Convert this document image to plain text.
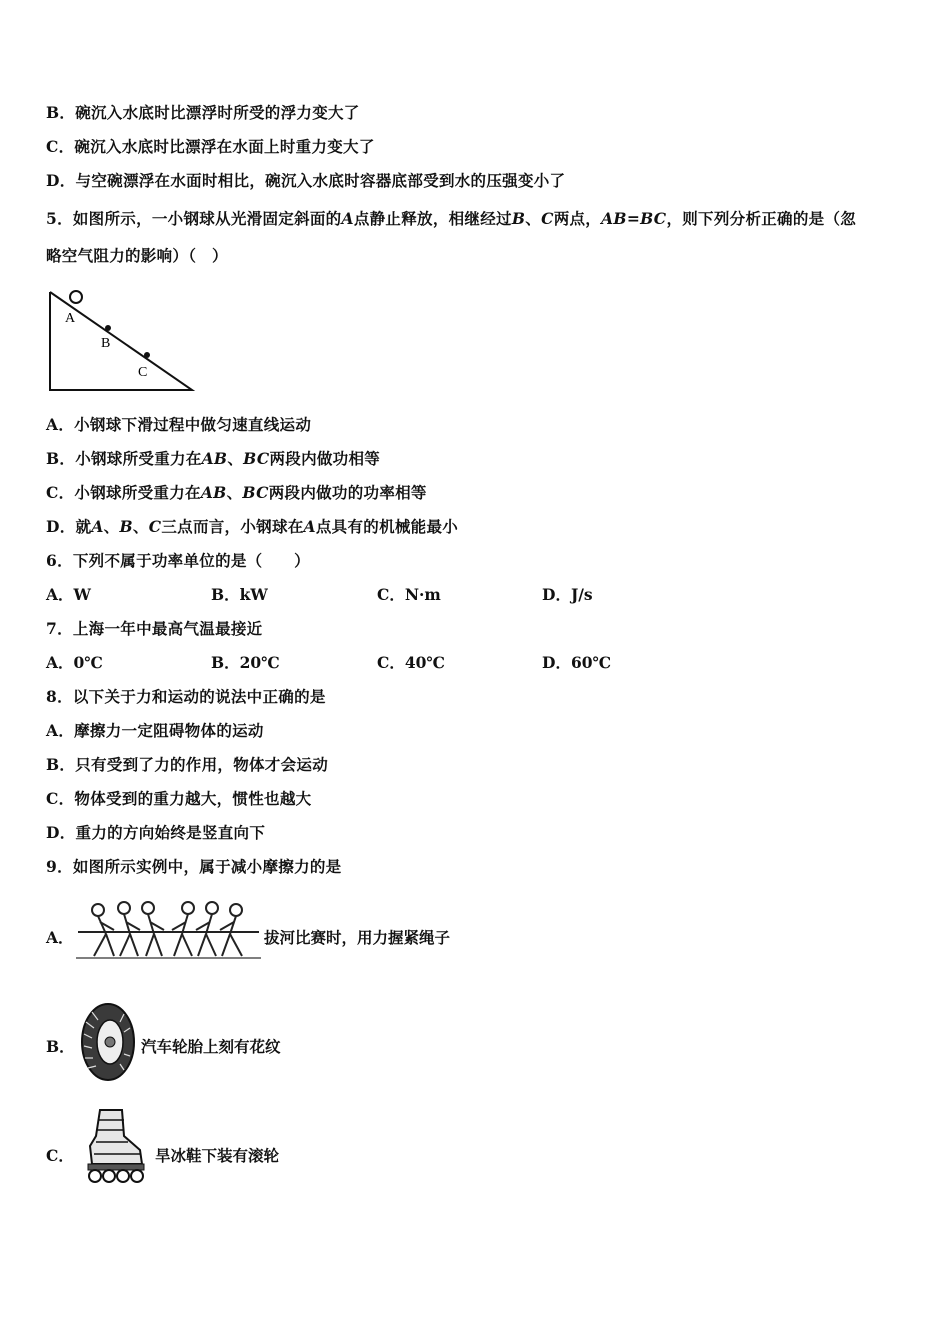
B．碗沉入水底时比漂浮时所受的浮力变大了
C．碗沉入水底时比漂浮在水面上时重力变大了
D．与空碗漂浮在水面时相比，碗沉入水底时容器底部受到水的压强变小了
5．如图所示，一小钢球从光滑固定斜面的A点静止释放，相继经过B、C两点，AB=BC，则下列分析正确的是（忽
略空气阻力的影响）（　）
A
B
C
A．小钢球下滑过程中做匀速直线运动
B．小钢球所受重力在AB、BC两段内做功相等
C．小钢球所受重力在AB、BC两段内做功的功率相等
D．就A、B、C三点而言，小钢球在A点具有的机械能最小
6．下列不属于功率单位的是（　　）
A．W	B．kW	C．N·m	D．J/s
7．上海一年中最高气温最接近
A．0℃	B．20℃	C．40℃	D．60℃
8．以下关于力和运动的说法中正确的是
A．摩擦力一定阻碍物体的运动
B．只有受到了力的作用，物体才会运动
C．物体受到的重力越大，惯性也越大
D．重力的方向始终是竖直向下
9．如图所示实例中，属于减小摩擦力的是
A．	拔河比赛时，用力握紧绳子
B．	汽车轮胎上刻有花纹
C．	旱冰鞋下装有滚轮
